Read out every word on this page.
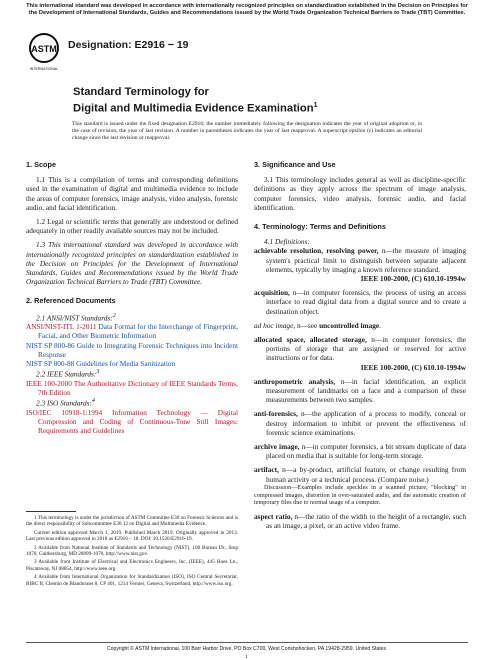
This international standard was developed in accordance with internationally recognized principles on standardization established in the Decision on Principles for the Development of International Standards, Guides and Recommendations issued by the World Trade Organization Technical Barriers to Trade (TBT) Committee.
ASTM
INTERNATIONAL
Designation: E2916 − 19
Standard Terminology for
Digital and Multimedia Evidence Examination$^1$
This standard is issued under the fixed designation E2916; the number immediately following the designation indicates the year of original adoption or, in the case of revision, the year of last revision. A number in parentheses indicates the year of last reapproval. A superscript epsilon (ε) indicates an editorial change since the last revision or reapproval.
1. Scope

1.1 This is a compilation of terms and corresponding definitions used in the examination of digital and multimedia evidence to include the areas of computer forensics, image analysis, video analysis, forensic audio, and facial identification.

1.2 Legal or scientific terms that generally are understood or defined adequately in other readily available sources may not be included.

1.3 This international standard was developed in accordance with internationally recognized principles on standardization established in the Decision on Principles for the Development of International Standards, Guides and Recommendations issued by the World Trade Organization Technical Barriers to Trade (TBT) Committee.

2. Referenced Documents

2.1 ANSI/NIST Standards:$^2$

ANSI/NIST-ITL 1-2011 Data Format for the Interchange of Fingerprint, Facial, and Other Biometric Information

NIST SP 800-86 Guide to Integrating Forensic Techniques into Incident Response

NIST SP 800-88 Guidelines for Media Sanitization

2.2 IEEE Standards:$^3$

IEEE 100-2000 The Authoritative Dictionary of IEEE Standards Terms, 7th Edition

2.3 ISO Standards:$^4$

ISO/IEC 10918-1:1994 Information Technology — Digital Compression and Coding of Continuous-Tone Still Images: Requirements and Guidelines

1 This terminology is under the jurisdiction of ASTM Committee E30 on Forensic Sciences and is the direct responsibility of Subcommittee E30.12 on Digital and Multimedia Evidence.

Current edition approved March 1, 2019. Published March 2019. Originally approved in 2013. Last previous edition approved in 2018 as E2916 – 18. DOI: 10.1520/E2916-19.

2 Available from National Institute of Standards and Technology (NIST), 100 Bureau Dr., Stop 1070, Gaithersburg, MD 20899-1070, http://www.nist.gov.

3 Available from Institute of Electrical and Electronics Engineers, Inc. (IEEE), 445 Hoes Ln., Piscataway, NJ 08854, http://www.ieee.org.

4 Available from International Organization for Standardization (ISO), ISO Central Secretariat, BIBC II, Chemin de Blandonnet 8, CP 401, 1214 Vernier, Geneva, Switzerland, http://www.iso.org.

3. Significance and Use

3.1 This terminology includes general as well as discipline-specific definitions as they apply across the spectrum of image analysis, computer forensics, video analysis, forensic audio, and facial identification.

4. Terminology: Terms and Definitions

4.1 Definitions:

achievable resolution, resolving power, n—the measure of imaging system's practical limit to distinguish between separate adjacent elements, typically by imaging a known reference standard.

IEEE 100-2000, (C) 610.10-1994w

acquisition, n—in computer forensics, the process of using an access interface to read digital data from a digital source and to create a destination object.

ad hoc image, n—see uncontrolled image.

allocated space, allocated storage, n—in computer forensics, the portions of storage that are assigned or reserved for active instructions or for data.

IEEE 100-2000, (C) 610.10-1994w

anthropometric analysis, n—in facial identification, an explicit measurement of landmarks on a face and a comparison of these measurements between two samples.

anti-forensics, n—the application of a process to modify, conceal or destroy information to inhibit or prevent the effectiveness of forensic science examinations.

archive image, n—in computer forensics, a bit stream duplicate of data placed on media that is suitable for long-term storage.

artifact, n—a by-product, artificial feature, or change resulting from human activity or a technical process. (Compare noise.)

Discussion—Examples include speckles in a scanned picture, "blocking" in compressed images, distortion in over-saturated audio, and the automatic creation of temporary files due to normal usage of a computer.

aspect ratio, n—the ratio of the width to the height of a rectangle, such as an image, a pixel, or an active video frame.

Copyright © ASTM International, 100 Barr Harbor Drive, PO Box C700, West Conshohocken, PA 19428-2959. United States
1
